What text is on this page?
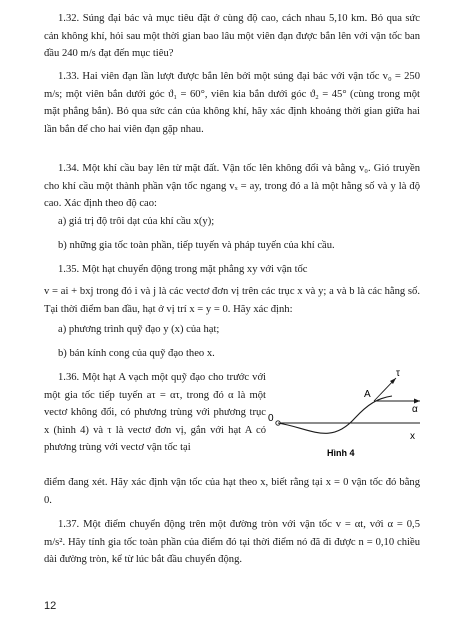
1.32. Súng đại bác và mục tiêu đặt ở cùng độ cao, cách nhau 5,10 km. Bỏ qua sức cản không khí, hỏi sau một thời gian bao lâu một viên đạn được bắn lên với vận tốc ban đầu 240 m/s đạt đến mục tiêu?
1.33. Hai viên đạn lần lượt được bắn lên bởi một súng đại bác với vận tốc v₀ = 250 m/s; một viên bắn dưới góc ϑ₁ = 60°, viên kia bắn dưới góc ϑ₂ = 45° (cùng trong một mặt phẳng bắn). Bỏ qua sức cản của không khí, hãy xác định khoảng thời gian giữa hai lần bắn để cho hai viên đạn gặp nhau.
1.34. Một khí cầu bay lên từ mặt đất. Vận tốc lên không đổi và bằng v₀. Gió truyền cho khí cầu một thành phần vận tốc ngang vₓ = ay, trong đó a là một hằng số và y là độ cao. Xác định theo độ cao:
a) giá trị độ trôi dạt của khí cầu x(y);
b) những gia tốc toàn phần, tiếp tuyến và pháp tuyến của khí cầu.
1.35. Một hạt chuyển động trong mặt phẳng xy với vận tốc
v = ai + bxj trong đó i và j là các vectơ đơn vị trên các trục x và y; a và b là các hằng số. Tại thời điểm ban đầu, hạt ở vị trí x = y = 0. Hãy xác định:
a) phương trình quỹ đạo y (x) của hạt;
b) bán kính cong của quỹ đạo theo x.
1.36. Một hạt A vạch một quỹ đạo cho trước với một gia tốc tiếp tuyến aτ = ατ, trong đó α là một vectơ không đổi, có phương trùng với phương trục x (hình 4) và τ là vectơ đơn vị, gắn với hạt A có phương trùng với vectơ vận tốc tại
A
τ
α
0
x
Hình 4
điểm đang xét. Hãy xác định vận tốc của hạt theo x, biết rằng tại x = 0 vận tốc đó bằng 0.
1.37. Một điểm chuyển động trên một đường tròn với vận tốc v = αt, với α = 0,5 m/s². Hãy tính gia tốc toàn phần của điểm đó tại thời điểm nó đã đi được n = 0,10 chiều dài đường tròn, kể từ lúc bắt đầu chuyển động.
12
